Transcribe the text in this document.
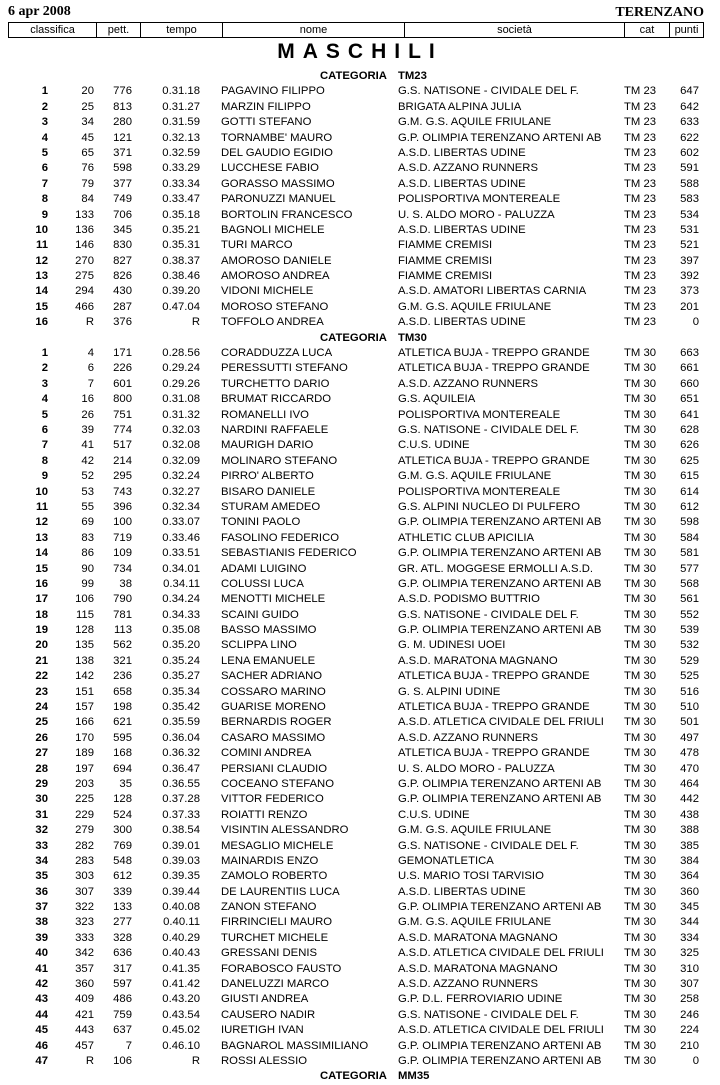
6 apr 2008	TERENZANO
classifica	pett.	tempo	nome	società	cat	punti
MASCHILI
CATEGORIA TM23
1	20	776	0.31.18 PAGAVINO FILIPPO	G.S. NATISONE - CIVIDALE DEL F.	TM 23	647
2	25	813	0.31.27 MARZIN FILIPPO	BRIGATA ALPINA JULIA	TM 23	642
3	34	280	0.31.59 GOTTI STEFANO	G.M. G.S. AQUILE FRIULANE	TM 23	633
4	45	121	0.32.13 TORNAMBE' MAURO	G.P. OLIMPIA TERENZANO ARTENI AB TM 23	622
5	65	371	0.32.59 DEL GAUDIO EGIDIO	A.S.D. LIBERTAS UDINE	TM 23	602
6	76	598	0.33.29 LUCCHESE FABIO	A.S.D. AZZANO RUNNERS	TM 23	591
7	79	377	0.33.34 GORASSO MASSIMO	A.S.D. LIBERTAS UDINE	TM 23	588
8	84	749	0.33.47 PARONUZZI MANUEL	POLISPORTIVA MONTEREALE	TM 23	583
9	133	706	0.35.18 BORTOLIN FRANCESCO	U. S. ALDO MORO - PALUZZA	TM 23	534
10	136	345	0.35.21 BAGNOLI MICHELE	A.S.D. LIBERTAS UDINE	TM 23	531
11	146	830	0.35.31 TURI MARCO	FIAMME CREMISI	TM 23	521
12	270	827	0.38.37 AMOROSO DANIELE	FIAMME CREMISI	TM 23	397
13	275	826	0.38.46 AMOROSO ANDREA	FIAMME CREMISI	TM 23	392
14	294	430	0.39.20 VIDONI MICHELE	A.S.D. AMATORI LIBERTAS CARNIA	TM 23	373
15	466	287	0.47.04 MOROSO STEFANO	G.M. G.S. AQUILE FRIULANE	TM 23	201
16	R	376	R TOFFOLO ANDREA	A.S.D. LIBERTAS UDINE	TM 23	0
CATEGORIA TM30
1	4	171	0.28.56 CORADDUZZA LUCA	ATLETICA BUJA - TREPPO GRANDE	TM 30	663
2	6	226	0.29.24 PERESSUTTI STEFANO	ATLETICA BUJA - TREPPO GRANDE	TM 30	661
3	7	601	0.29.26 TURCHETTO DARIO	A.S.D. AZZANO RUNNERS	TM 30	660
4	16	800	0.31.08 BRUMAT RICCARDO	G.S. AQUILEIA	TM 30	651
5	26	751	0.31.32 ROMANELLI IVO	POLISPORTIVA MONTEREALE	TM 30	641
6	39	774	0.32.03 NARDINI RAFFAELE	G.S. NATISONE - CIVIDALE DEL F.	TM 30	628
7	41	517	0.32.08 MAURIGH DARIO	C.U.S. UDINE	TM 30	626
8	42	214	0.32.09 MOLINARO STEFANO	ATLETICA BUJA - TREPPO GRANDE	TM 30	625
9	52	295	0.32.24 PIRRO' ALBERTO	G.M. G.S. AQUILE FRIULANE	TM 30	615
10	53	743	0.32.27 BISARO DANIELE	POLISPORTIVA MONTEREALE	TM 30	614
11	55	396	0.32.34 STURAM AMEDEO	G.S. ALPINI NUCLEO DI PULFERO	TM 30	612
12	69	100	0.33.07 TONINI PAOLO	G.P. OLIMPIA TERENZANO ARTENI AB TM 30	598
13	83	719	0.33.46 FASOLINO FEDERICO	ATHLETIC CLUB APICILIA	TM 30	584
14	86	109	0.33.51 SEBASTIANIS FEDERICO	G.P. OLIMPIA TERENZANO ARTENI AB TM 30	581
15	90	734	0.34.01 ADAMI LUIGINO	GR. ATL. MOGGESE ERMOLLI A.S.D.	TM 30	577
16	99	38	0.34.11 COLUSSI LUCA	G.P. OLIMPIA TERENZANO ARTENI AB TM 30	568
17	106	790	0.34.24 MENOTTI MICHELE	A.S.D. PODISMO BUTTRIO	TM 30	561
18	115	781	0.34.33 SCAINI GUIDO	G.S. NATISONE - CIVIDALE DEL F.	TM 30	552
19	128	113	0.35.08 BASSO MASSIMO	G.P. OLIMPIA TERENZANO ARTENI AB TM 30	539
20	135	562	0.35.20 SCLIPPA LINO	G. M. UDINESI UOEI	TM 30	532
21	138	321	0.35.24 LENA EMANUELE	A.S.D. MARATONA MAGNANO	TM 30	529
22	142	236	0.35.27 SACHER ADRIANO	ATLETICA BUJA - TREPPO GRANDE	TM 30	525
23	151	658	0.35.34 COSSARO MARINO	G. S. ALPINI UDINE	TM 30	516
24	157	198	0.35.42 GUARISE MORENO	ATLETICA BUJA - TREPPO GRANDE	TM 30	510
25	166	621	0.35.59 BERNARDIS ROGER	A.S.D. ATLETICA CIVIDALE DEL FRIULI TM 30	501
26	170	595	0.36.04 CASARO MASSIMO	A.S.D. AZZANO RUNNERS	TM 30	497
27	189	168	0.36.32 COMINI ANDREA	ATLETICA BUJA - TREPPO GRANDE	TM 30	478
28	197	694	0.36.47 PERSIANI CLAUDIO	U. S. ALDO MORO - PALUZZA	TM 30	470
29	203	35	0.36.55 COCEANO STEFANO	G.P. OLIMPIA TERENZANO ARTENI AB TM 30	464
30	225	128	0.37.28 VITTOR FEDERICO	G.P. OLIMPIA TERENZANO ARTENI AB TM 30	442
31	229	524	0.37.33 ROIATTI RENZO	C.U.S. UDINE	TM 30	438
32	279	300	0.38.54 VISINTIN ALESSANDRO	G.M. G.S. AQUILE FRIULANE	TM 30	388
33	282	769	0.39.01 MESAGLIO MICHELE	G.S. NATISONE - CIVIDALE DEL F.	TM 30	385
34	283	548	0.39.03 MAINARDIS ENZO	GEMONATLETICA	TM 30	384
35	303	612	0.39.35 ZAMOLO ROBERTO	U.S. MARIO TOSI TARVISIO	TM 30	364
36	307	339	0.39.44 DE LAURENTIIS LUCA	A.S.D. LIBERTAS UDINE	TM 30	360
37	322	133	0.40.08 ZANON STEFANO	G.P. OLIMPIA TERENZANO ARTENI AB TM 30	345
38	323	277	0.40.11 FIRRINCIELI MAURO	G.M. G.S. AQUILE FRIULANE	TM 30	344
39	333	328	0.40.29 TURCHET MICHELE	A.S.D. MARATONA MAGNANO	TM 30	334
40	342	636	0.40.43 GRESSANI DENIS	A.S.D. ATLETICA CIVIDALE DEL FRIULI TM 30	325
41	357	317	0.41.35 FORABOSCO FAUSTO	A.S.D. MARATONA MAGNANO	TM 30	310
42	360	597	0.41.42 DANELUZZI MARCO	A.S.D. AZZANO RUNNERS	TM 30	307
43	409	486	0.43.20 GIUSTI ANDREA	G.P. D.L. FERROVIARIO UDINE	TM 30	258
44	421	759	0.43.54 CAUSERO NADIR	G.S. NATISONE - CIVIDALE DEL F.	TM 30	246
45	443	637	0.45.02 IURETIGH IVAN	A.S.D. ATLETICA CIVIDALE DEL FRIULI TM 30	224
46	457	7	0.46.10 BAGNAROL MASSIMILIANO	G.P. OLIMPIA TERENZANO ARTENI AB TM 30	210
47	R	106	R ROSSI ALESSIO	G.P. OLIMPIA TERENZANO ARTENI AB TM 30	0
CATEGORIA MM35
